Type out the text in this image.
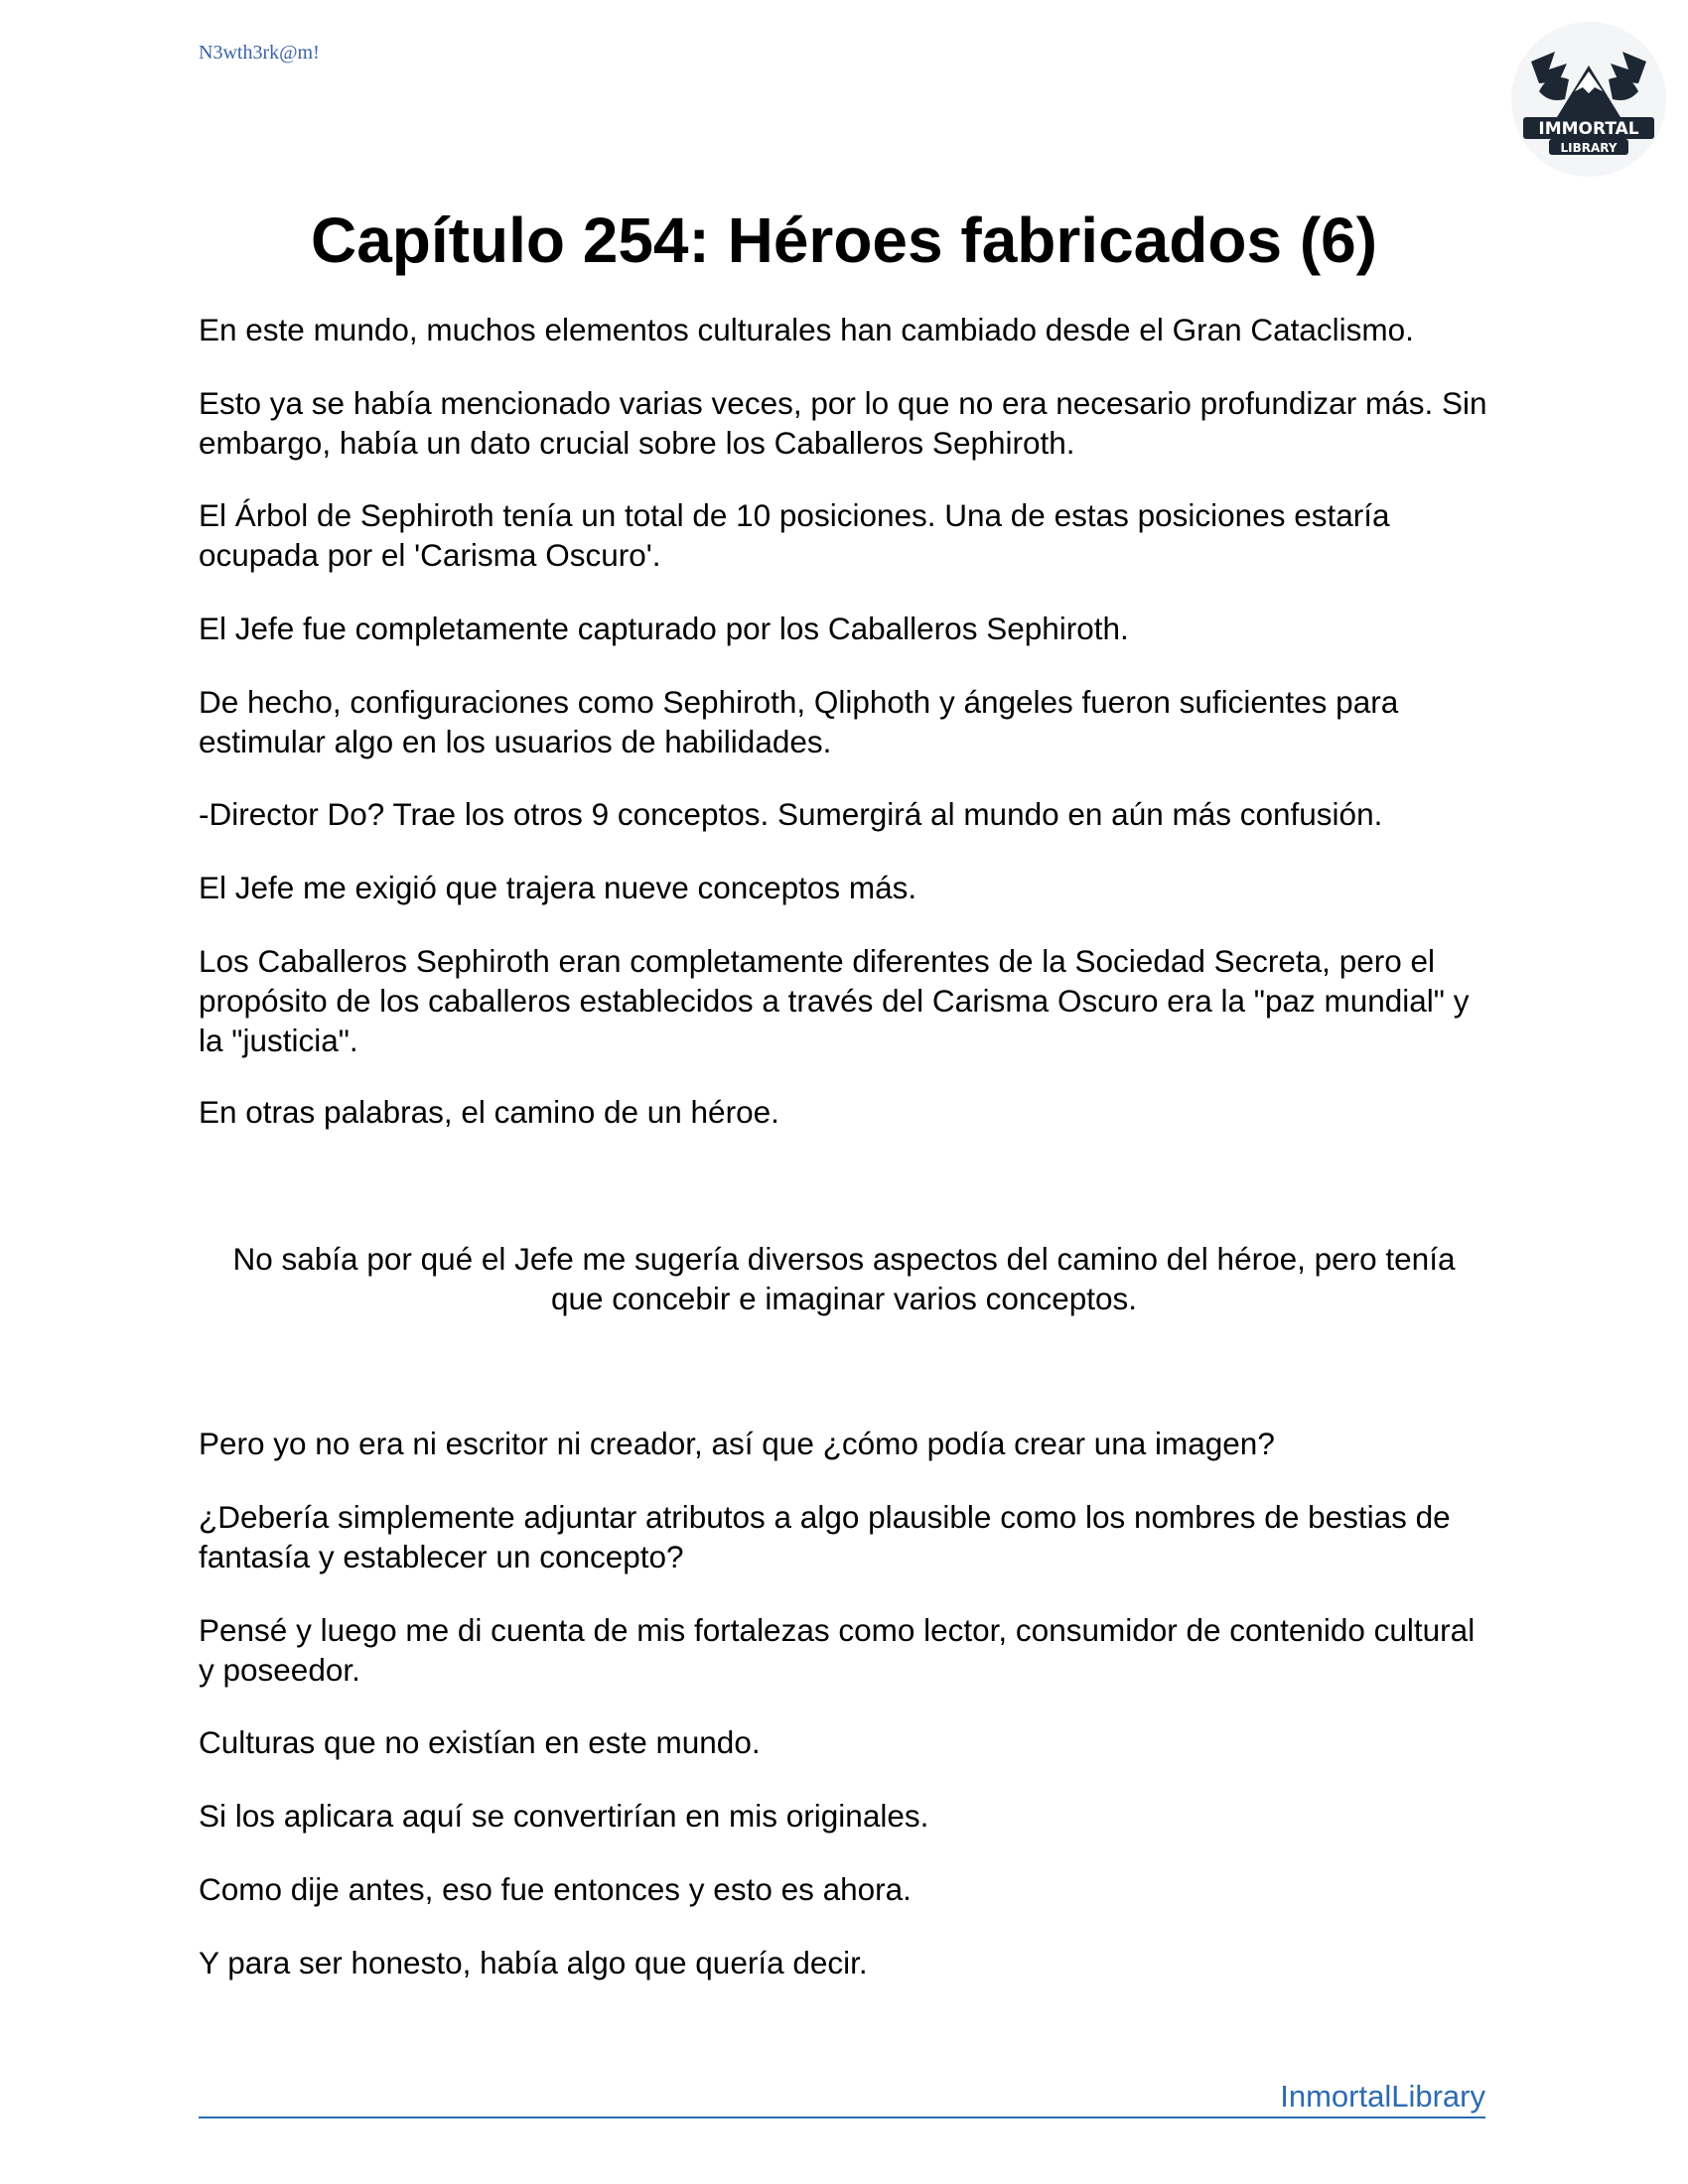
N3wth3rk@m!
IMMORTAL
LIBRARY
Capítulo 254: Héroes fabricados (6)

En este mundo, muchos elementos culturales han cambiado desde el Gran Cataclismo.

Esto ya se había mencionado varias veces, por lo que no era necesario profundizar más. Sin embargo, había un dato crucial sobre los Caballeros Sephiroth.

El Árbol de Sephiroth tenía un total de 10 posiciones. Una de estas posiciones estaría ocupada por el 'Carisma Oscuro'.

El Jefe fue completamente capturado por los Caballeros Sephiroth.

De hecho, configuraciones como Sephiroth, Qliphoth y ángeles fueron suficientes para estimular algo en los usuarios de habilidades.

-Director Do? Trae los otros 9 conceptos. Sumergirá al mundo en aún más confusión.

El Jefe me exigió que trajera nueve conceptos más.

Los Caballeros Sephiroth eran completamente diferentes de la Sociedad Secreta, pero el propósito de los caballeros establecidos a través del Carisma Oscuro era la "paz mundial" y la "justicia".

En otras palabras, el camino de un héroe.

No sabía por qué el Jefe me sugería diversos aspectos del camino del héroe, pero tenía que concebir e imaginar varios conceptos.

Pero yo no era ni escritor ni creador, así que ¿cómo podía crear una imagen?

¿Debería simplemente adjuntar atributos a algo plausible como los nombres de bestias de fantasía y establecer un concepto?

Pensé y luego me di cuenta de mis fortalezas como lector, consumidor de contenido cultural y poseedor.

Culturas que no existían en este mundo.

Si los aplicara aquí se convertirían en mis originales.

Como dije antes, eso fue entonces y esto es ahora.

Y para ser honesto, había algo que quería decir.

InmortalLibrary
